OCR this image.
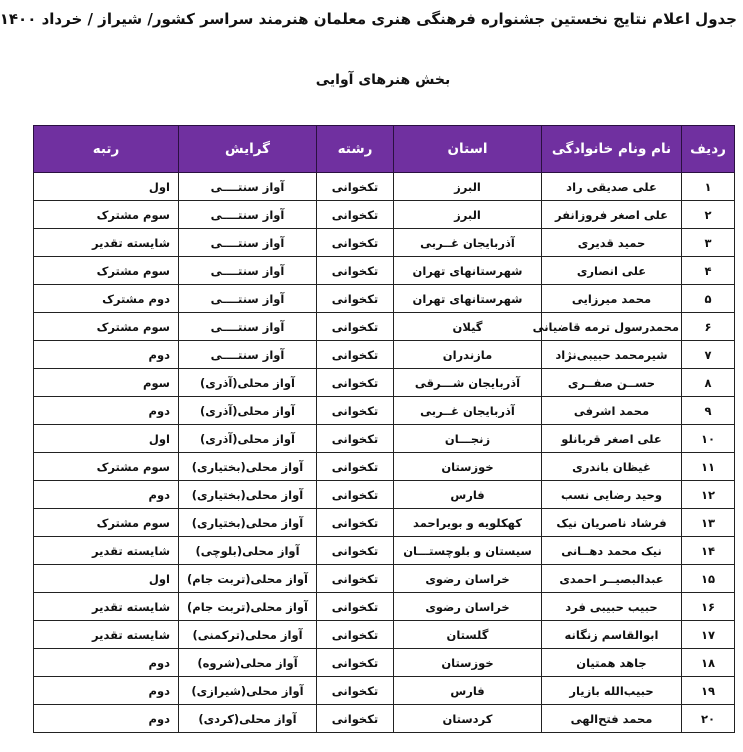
جدول اعلام نتایج نخستین جشنواره فرهنگی هنری معلمان هنرمند سراسر کشور/ شیراز / خرداد ۱۴۰۰
بخش هنرهای آوایی
ردیف	نام ونام خانوادگی	استان	رشته	گرایش	رتبه
۱	علی صدیقی راد	البرز	تکخوانی	آواز سنتــــی	اول
۲	علی اصغر فروزانفر	البرز	تکخوانی	آواز سنتــــی	سوم مشترک
۳	حمید قدیری	آذربایجان غــربی	تکخوانی	آواز سنتــــی	شایسته تقدیر
۴	علی انصاری	شهرستانهای تهران	تکخوانی	آواز سنتــــی	سوم مشترک
۵	محمد میرزایی	شهرستانهای تهران	تکخوانی	آواز سنتــــی	دوم مشترک
۶	محمدرسول ترمه قاضیانی	گیلان	تکخوانی	آواز سنتــــی	سوم مشترک
۷	شیرمحمد حبیبی‌نژاد	مازندران	تکخوانی	آواز سنتــــی	دوم
۸	حســن صفــری	آذربایجان شـــرقی	تکخوانی	آواز محلی(آذری)	سوم
۹	محمد اشرفی	آذربایجان غــربی	تکخوانی	آواز محلی(آذری)	دوم
۱۰	علی اصغر قربانلو	زنجـــان	تکخوانی	آواز محلی(آذری)	اول
۱۱	غیظان باندری	خوزستان	تکخوانی	آواز محلی(بختیاری)	سوم مشترک
۱۲	وحید رضایی نسب	فارس	تکخوانی	آواز محلی(بختیاری)	دوم
۱۳	فرشاد ناصریان نیک	کهکلویه و بویراحمد	تکخوانی	آواز محلی(بختیاری)	سوم مشترک
۱۴	نیک محمد دهــانی	سیستان و بلوچستـــان	تکخوانی	آواز محلی(بلوچی)	شایسته تقدیر
۱۵	عبدالبصیــر احمدی	خراسان رضوی	تکخوانی	آواز محلی(تربت جام)	اول
۱۶	حبیب حبیبی فرد	خراسان رضوی	تکخوانی	آواز محلی(تربت جام)	شایسته تقدیر
۱۷	ابوالقاسم زنگانه	گلستان	تکخوانی	آواز محلی(ترکمنی)	شایسته تقدیر
۱۸	جاهد همتیان	خوزستان	تکخوانی	آواز محلی(شروه)	دوم
۱۹	حبیب‌الله بازیار	فارس	تکخوانی	آواز محلی(شیرازی)	دوم
۲۰	محمد فتح‌الهی	کردستان	تکخوانی	آواز محلی(کردی)	دوم
